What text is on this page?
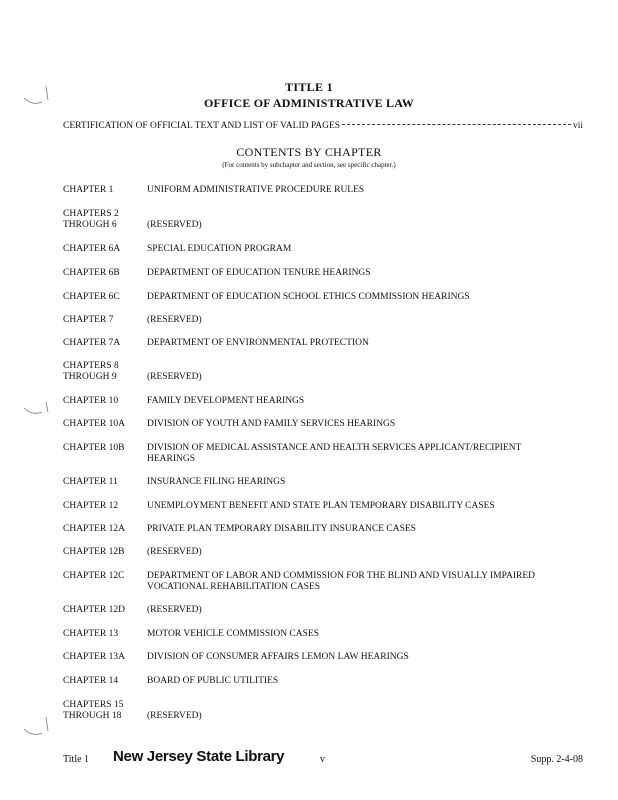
TITLE 1
OFFICE OF ADMINISTRATIVE LAW
CERTIFICATION OF OFFICIAL TEXT AND LIST OF VALID PAGES	vii
CONTENTS BY CHAPTER
(For contents by subchapter and section, see specific chapter.)
CHAPTER 1	UNIFORM ADMINISTRATIVE PROCEDURE RULES
CHAPTERS 2
THROUGH 6	(RESERVED)
CHAPTER 6A	SPECIAL EDUCATION PROGRAM
CHAPTER 6B	DEPARTMENT OF EDUCATION TENURE HEARINGS
CHAPTER 6C	DEPARTMENT OF EDUCATION SCHOOL ETHICS COMMISSION HEARINGS
CHAPTER 7	(RESERVED)
CHAPTER 7A	DEPARTMENT OF ENVIRONMENTAL PROTECTION
CHAPTERS 8
THROUGH 9	(RESERVED)
CHAPTER 10	FAMILY DEVELOPMENT HEARINGS
CHAPTER 10A	DIVISION OF YOUTH AND FAMILY SERVICES HEARINGS
CHAPTER 10B	DIVISION OF MEDICAL ASSISTANCE AND HEALTH SERVICES APPLICANT/RECIPIENT
HEARINGS
CHAPTER 11	INSURANCE FILING HEARINGS
CHAPTER 12	UNEMPLOYMENT BENEFIT AND STATE PLAN TEMPORARY DISABILITY CASES
CHAPTER 12A	PRIVATE PLAN TEMPORARY DISABILITY INSURANCE CASES
CHAPTER 12B	(RESERVED)
CHAPTER 12C	DEPARTMENT OF LABOR AND COMMISSION FOR THE BLIND AND VISUALLY IMPAIRED
VOCATIONAL REHABILITATION CASES
CHAPTER 12D	(RESERVED)
CHAPTER 13	MOTOR VEHICLE COMMISSION CASES
CHAPTER 13A	DIVISION OF CONSUMER AFFAIRS LEMON LAW HEARINGS
CHAPTER 14	BOARD OF PUBLIC UTILITIES
CHAPTERS 15
THROUGH 18	(RESERVED)
Title 1 New Jersey State Library	v	Supp. 2-4-08
